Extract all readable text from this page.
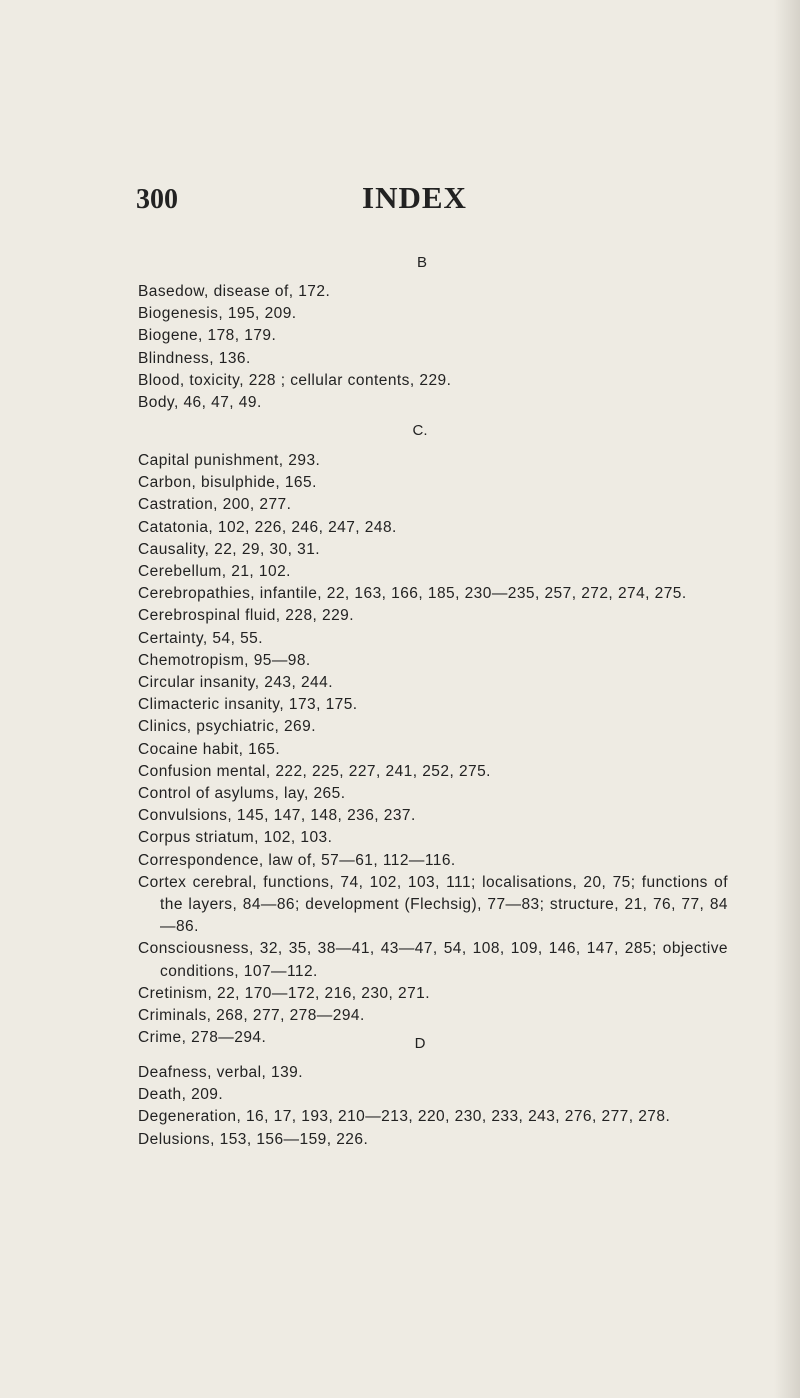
300	INDEX
B
Basedow, disease of, 172.
Biogenesis, 195, 209.
Biogene, 178, 179.
Blindness, 136.
Blood, toxicity, 228 ; cellular contents, 229.
Body, 46, 47, 49.
C.
Capital punishment, 293.
Carbon, bisulphide, 165.
Castration, 200, 277.
Catatonia, 102, 226, 246, 247, 248.
Causality, 22, 29, 30, 31.
Cerebellum, 21, 102.
Cerebropathies, infantile, 22, 163, 166, 185, 230—235, 257, 272, 274, 275.
Cerebrospinal fluid, 228, 229.
Certainty, 54, 55.
Chemotropism, 95—98.
Circular insanity, 243, 244.
Climacteric insanity, 173, 175.
Clinics, psychiatric, 269.
Cocaine habit, 165.
Confusion mental, 222, 225, 227, 241, 252, 275.
Control of asylums, lay, 265.
Convulsions, 145, 147, 148, 236, 237.
Corpus striatum, 102, 103.
Correspondence, law of, 57—61, 112—116.
Cortex cerebral, functions, 74, 102, 103, 111; localisations, 20, 75; functions of the layers, 84—86; development (Flechsig), 77—83; structure, 21, 76, 77, 84—86.
Consciousness, 32, 35, 38—41, 43—47, 54, 108, 109, 146, 147, 285; objective conditions, 107—112.
Cretinism, 22, 170—172, 216, 230, 271.
Criminals, 268, 277, 278—294.
Crime, 278—294.	D
Deafness, verbal, 139.
Death, 209.
Degeneration, 16, 17, 193, 210—213, 220, 230, 233, 243, 276, 277, 278.
Delusions, 153, 156—159, 226.
